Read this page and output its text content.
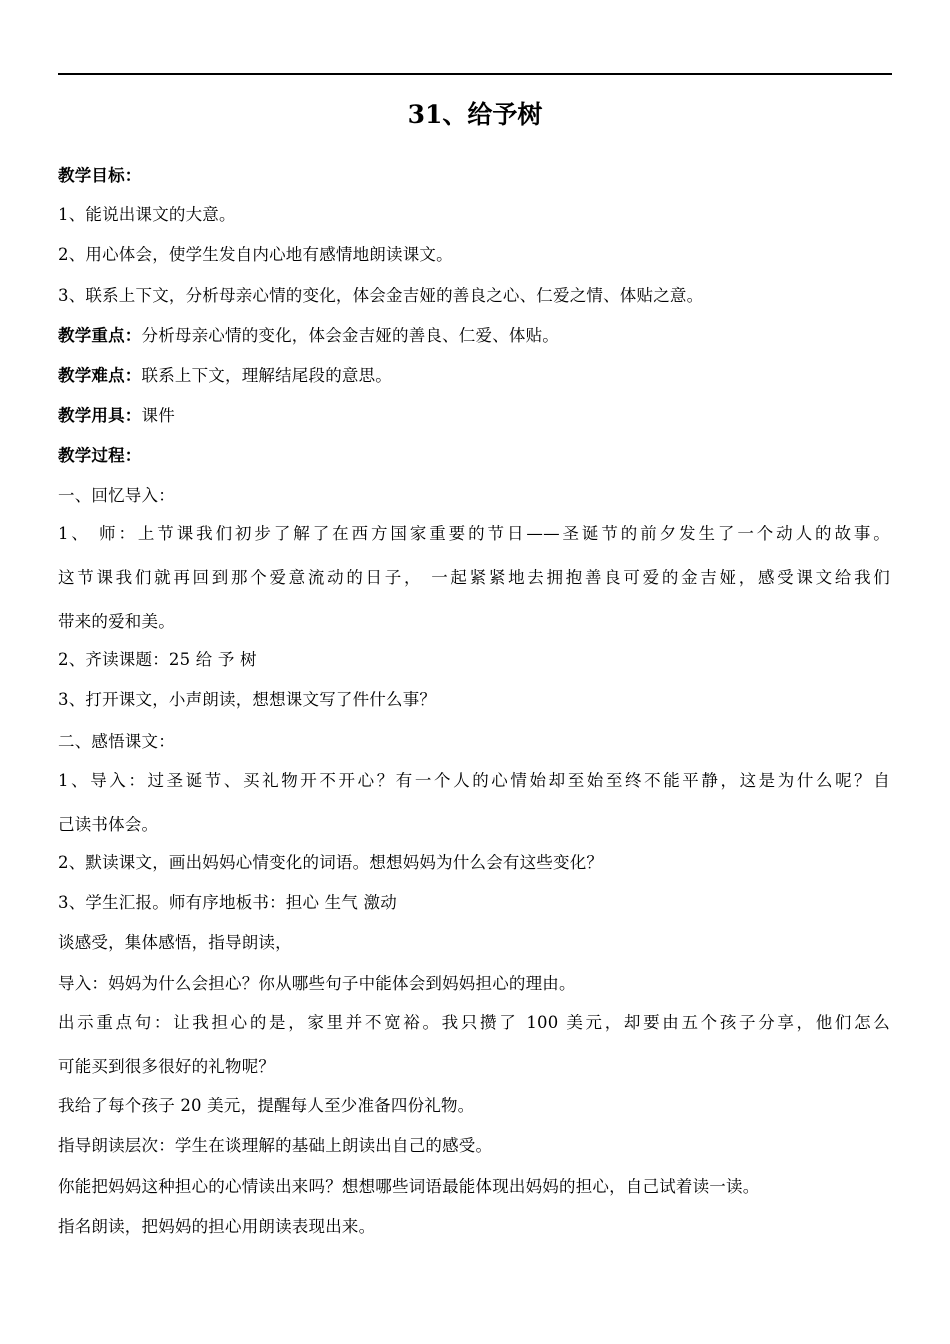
31、给予树
教学目标：
1、能说出课文的大意。
2、用心体会，使学生发自内心地有感情地朗读课文。
3、联系上下文，分析母亲心情的变化，体会金吉娅的善良之心、仁爱之情、体贴之意。
教学重点：分析母亲心情的变化，体会金吉娅的善良、仁爱、体贴。
教学难点：联系上下文，理解结尾段的意思。
教学用具：课件
教学过程：
一、回忆导入：
1、 师：上节课我们初步了解了在西方国家重要的节日——圣诞节的前夕发生了一个动人的故事。
这节课我们就再回到那个爱意流动的日子， 一起紧紧地去拥抱善良可爱的金吉娅，感受课文给我们
带来的爱和美。
2、齐读课题：25 给 予 树
3、打开课文，小声朗读，想想课文写了件什么事？
二、感悟课文：
1、导入：过圣诞节、买礼物开不开心？有一个人的心情始却至始至终不能平静，这是为什么呢？自
己读书体会。
2、默读课文，画出妈妈心情变化的词语。想想妈妈为什么会有这些变化？
3、学生汇报。师有序地板书：担心 生气 激动
谈感受，集体感悟，指导朗读，
导入：妈妈为什么会担心？你从哪些句子中能体会到妈妈担心的理由。
出示重点句：让我担心的是，家里并不宽裕。我只攒了 100 美元，却要由五个孩子分享，他们怎么
可能买到很多很好的礼物呢？
我给了每个孩子 20 美元，提醒每人至少准备四份礼物。
指导朗读层次：学生在谈理解的基础上朗读出自己的感受。
你能把妈妈这种担心的心情读出来吗？想想哪些词语最能体现出妈妈的担心，自己试着读一读。
指名朗读，把妈妈的担心用朗读表现出来。
